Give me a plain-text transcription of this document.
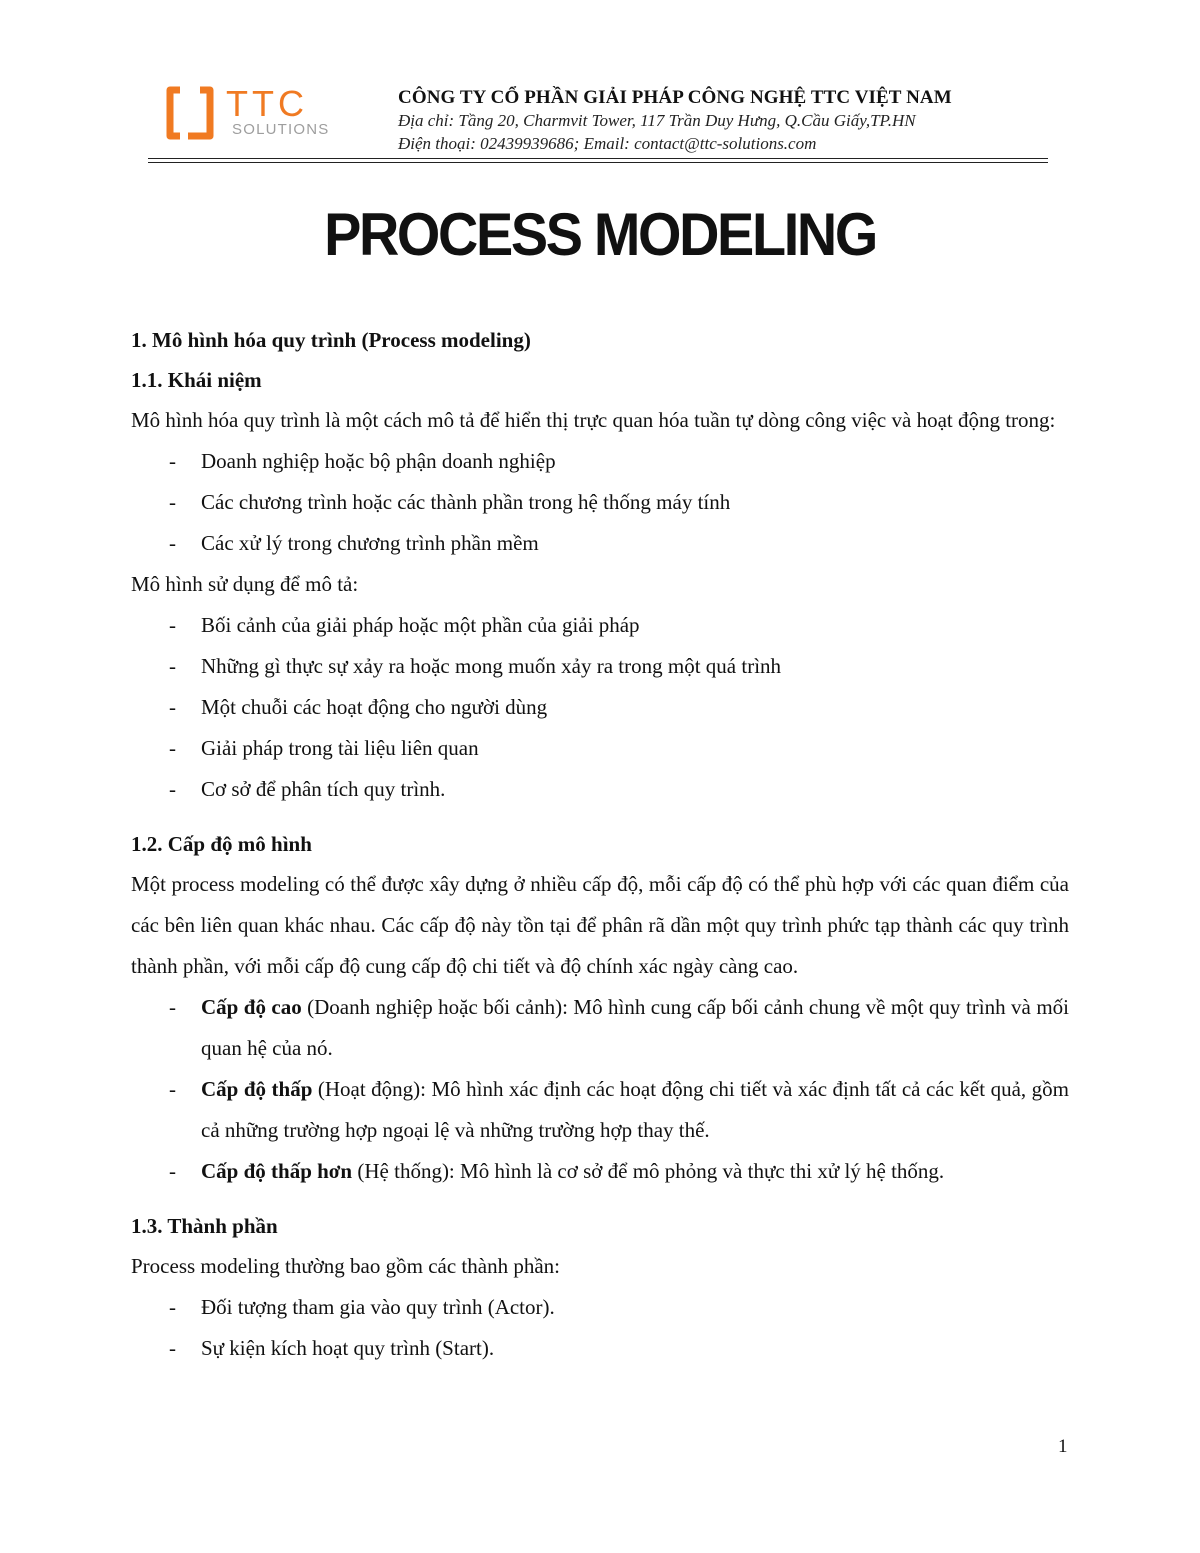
TTC
SOLUTIONS
CÔNG TY CỔ PHẦN GIẢI PHÁP CÔNG NGHỆ TTC VIỆT NAM
Địa chỉ: Tầng 20, Charmvit Tower, 117 Trần Duy Hưng, Q.Cầu Giấy,TP.HN
Điện thoại: 02439939686; Email: contact@ttc-solutions.com
PROCESS MODELING

1. Mô hình hóa quy trình (Process modeling)

1.1. Khái niệm

Mô hình hóa quy trình là một cách mô tả để hiển thị trực quan hóa tuần tự dòng công việc và hoạt động trong:

- Doanh nghiệp hoặc bộ phận doanh nghiệp
- Các chương trình hoặc các thành phần trong hệ thống máy tính
- Các xử lý trong chương trình phần mềm

Mô hình sử dụng để mô tả:

- Bối cảnh của giải pháp hoặc một phần của giải pháp
- Những gì thực sự xảy ra hoặc mong muốn xảy ra trong một quá trình
- Một chuỗi các hoạt động cho người dùng
- Giải pháp trong tài liệu liên quan
- Cơ sở để phân tích quy trình.

1.2. Cấp độ mô hình

Một process modeling có thể được xây dựng ở nhiều cấp độ, mỗi cấp độ có thể phù hợp với các quan điểm của các bên liên quan khác nhau. Các cấp độ này tồn tại để phân rã dần một quy trình phức tạp thành các quy trình thành phần, với mỗi cấp độ cung cấp độ chi tiết và độ chính xác ngày càng cao.

- Cấp độ cao (Doanh nghiệp hoặc bối cảnh): Mô hình cung cấp bối cảnh chung về một quy trình và mối quan hệ của nó.
- Cấp độ thấp (Hoạt động): Mô hình xác định các hoạt động chi tiết và xác định tất cả các kết quả, gồm cả những trường hợp ngoại lệ và những trường hợp thay thế.
- Cấp độ thấp hơn (Hệ thống): Mô hình là cơ sở để mô phỏng và thực thi xử lý hệ thống.

1.3. Thành phần

Process modeling thường bao gồm các thành phần:

- Đối tượng tham gia vào quy trình (Actor).
- Sự kiện kích hoạt quy trình (Start).
1
